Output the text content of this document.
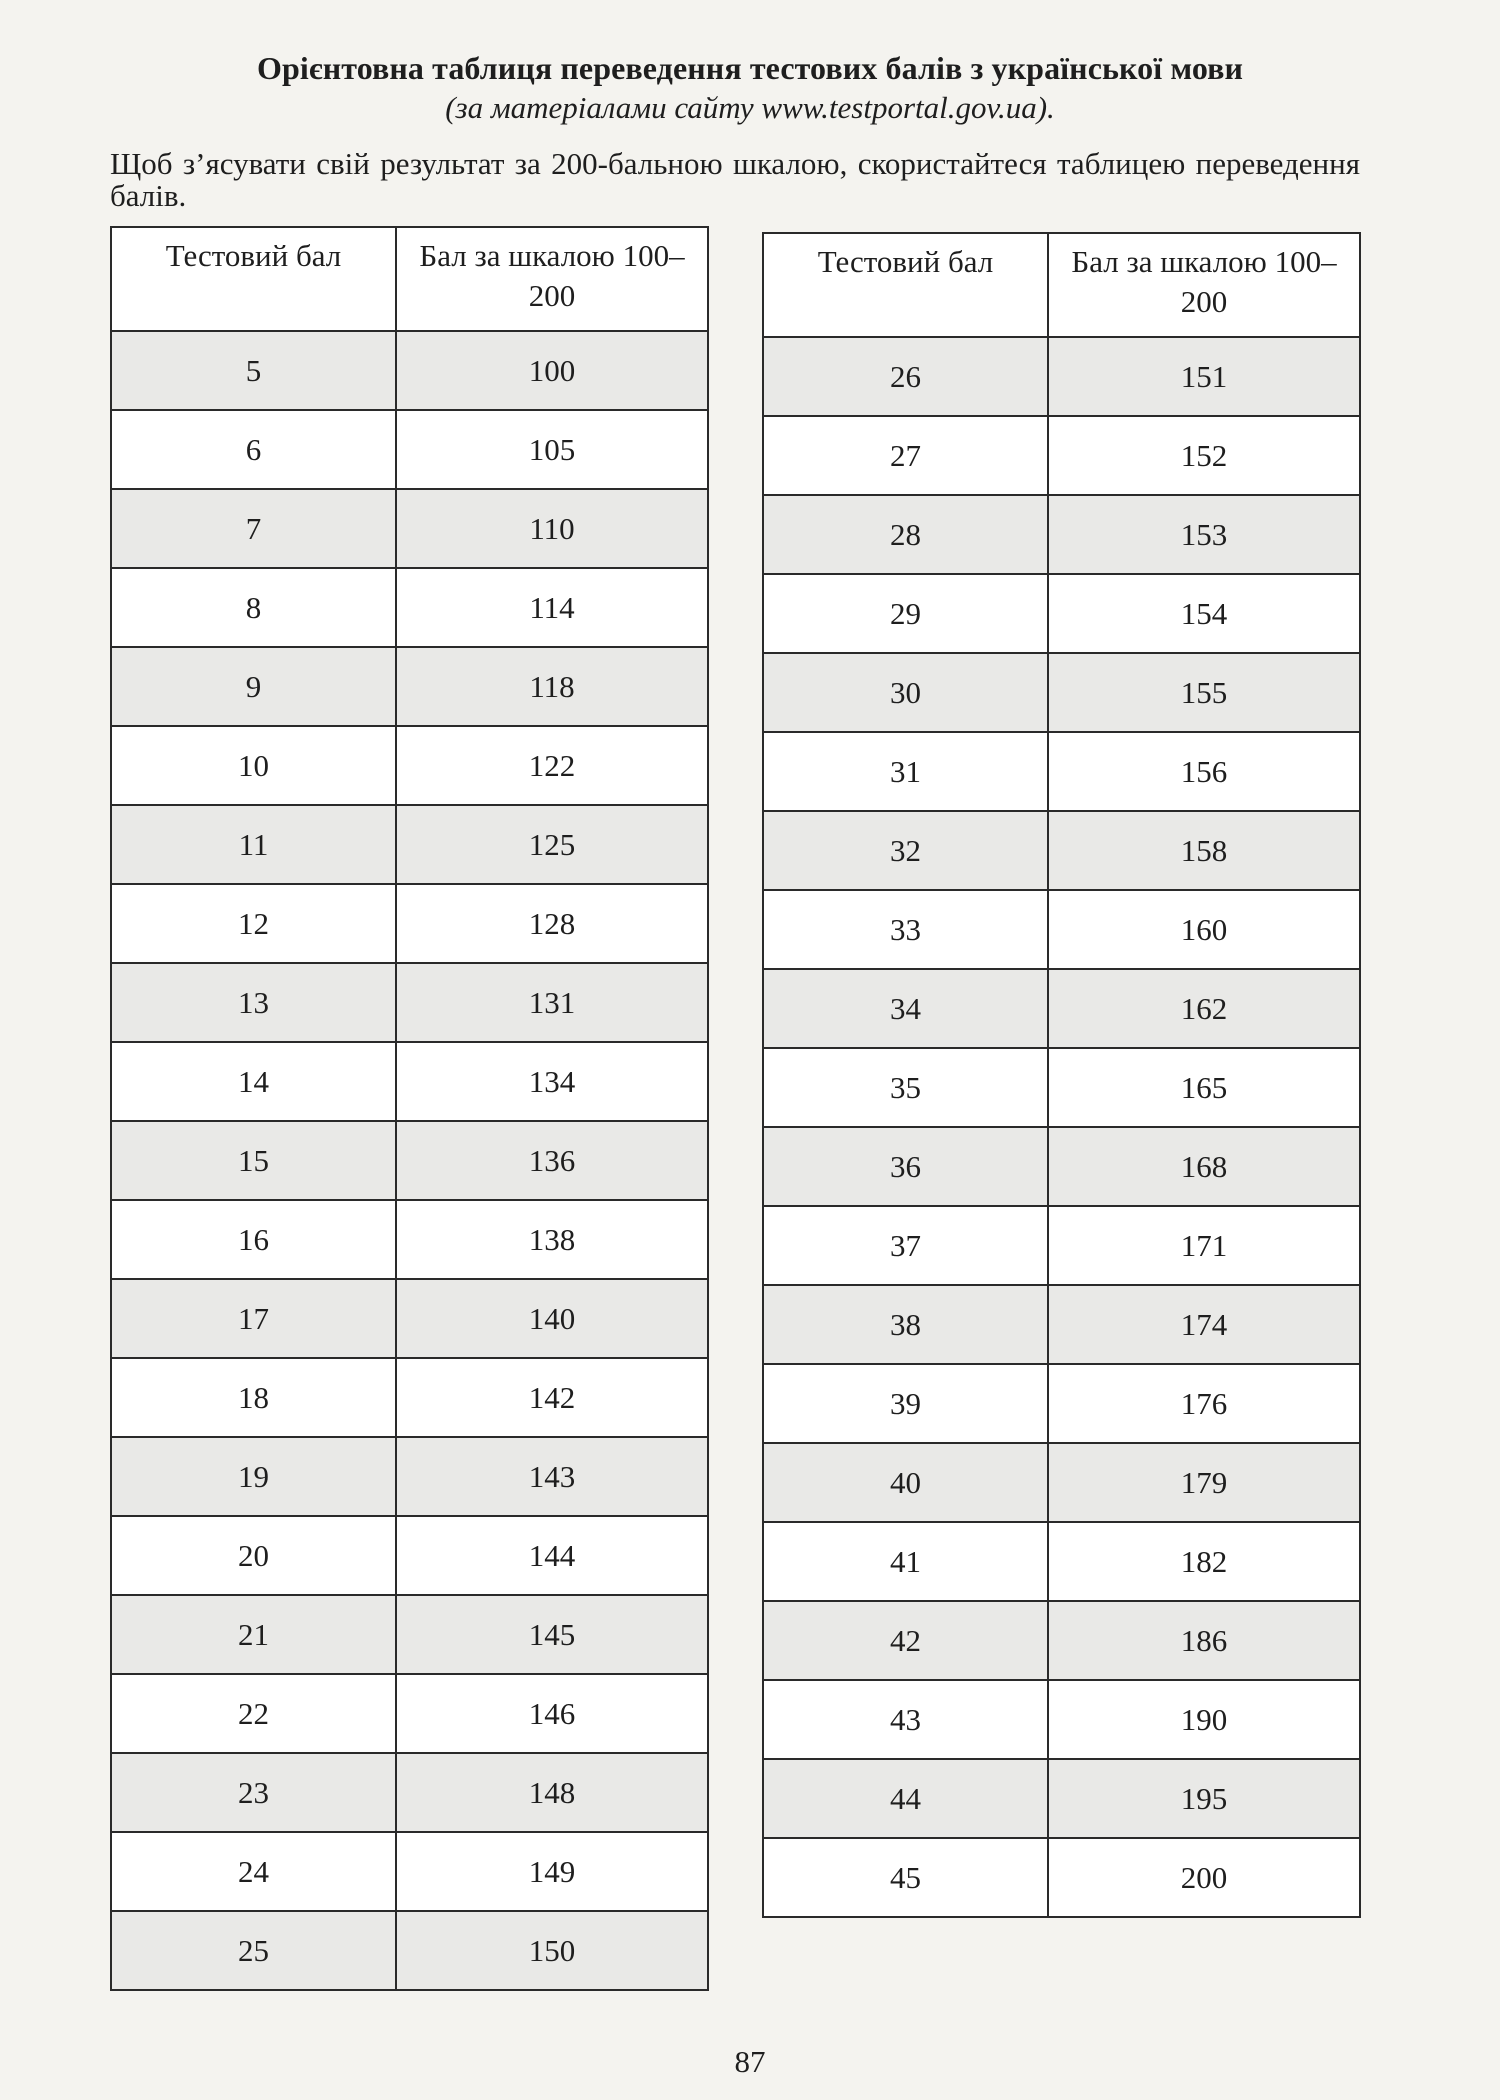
Орієнтовна таблиця переведення тестових балів з української мови
(за матеріалами сайту www.testportal.gov.ua).
Щоб з’ясувати свій результат за 200-бальною шкалою, скористайтеся таблицею переведення балів.
Тестовий бал	Бал за шкалою 100–200
5	100
6	105
7	110
8	114
9	118
10	122
11	125
12	128
13	131
14	134
15	136
16	138
17	140
18	142
19	143
20	144
21	145
22	146
23	148
24	149
25	150
Тестовий бал	Бал за шкалою 100–200
26	151
27	152
28	153
29	154
30	155
31	156
32	158
33	160
34	162
35	165
36	168
37	171
38	174
39	176
40	179
41	182
42	186
43	190
44	195
45	200
87
